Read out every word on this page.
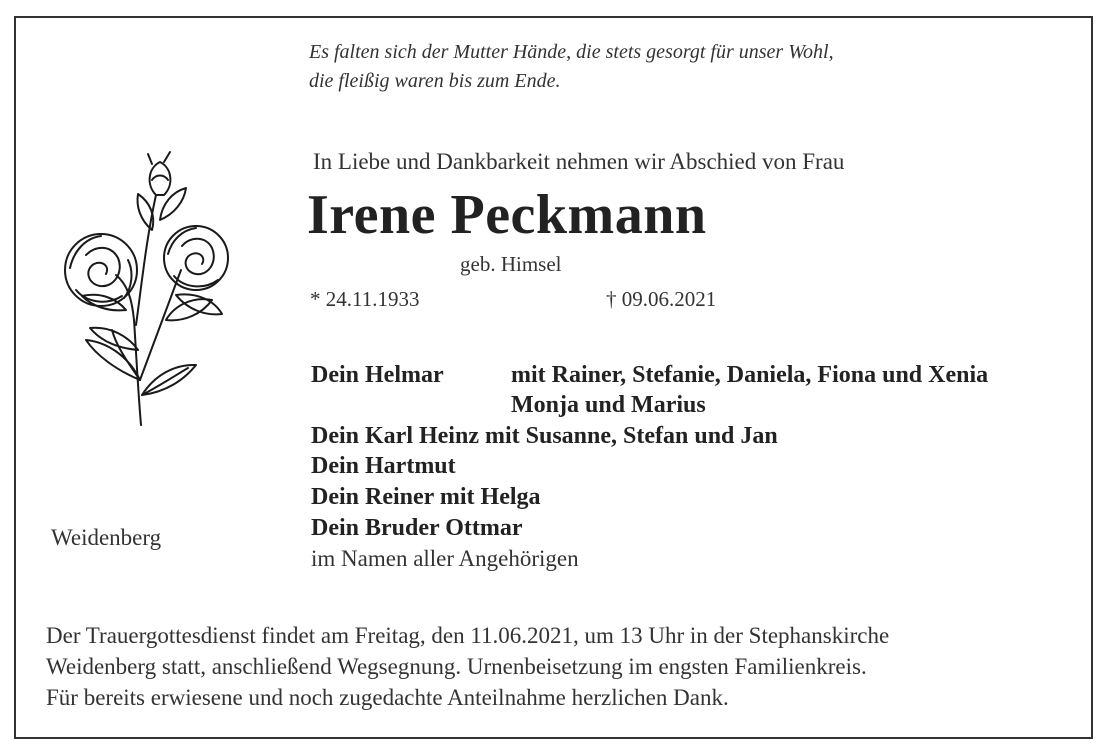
Es falten sich der Mutter Hände, die stets gesorgt für unser Wohl,
die fleißig waren bis zum Ende.
In Liebe und Dankbarkeit nehmen wir Abschied von Frau
Irene Peckmann
geb. Himsel
* 24.11.1933	† 09.06.2021
Dein Helmar	mit Rainer, Stefanie, Daniela, Fiona und Xenia
Monja und Marius
Dein Karl Heinz mit Susanne, Stefan und Jan
Dein Hartmut
Dein Reiner mit Helga
Dein Bruder Ottmar
im Namen aller Angehörigen
Weidenberg
Der Trauergottesdienst findet am Freitag, den 11.06.2021, um 13 Uhr in der Stephanskirche
Weidenberg statt, anschließend Wegsegnung. Urnenbeisetzung im engsten Familienkreis.
Für bereits erwiesene und noch zugedachte Anteilnahme herzlichen Dank.
